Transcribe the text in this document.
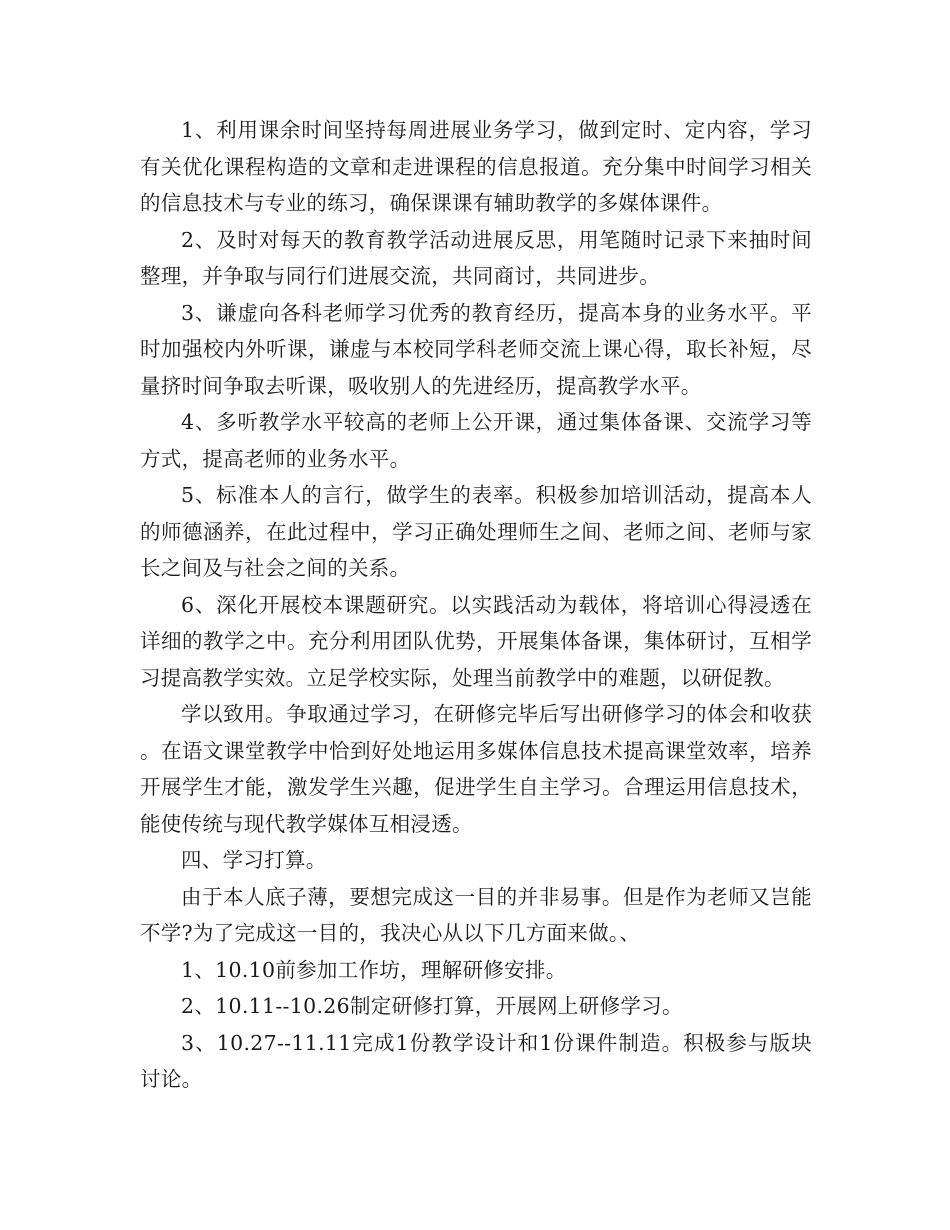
1、利用课余时间坚持每周进展业务学习，做到定时、定内容，学习有关优化课程构造的文章和走进课程的信息报道。充分集中时间学习相关的信息技术与专业的练习，确保课课有辅助教学的多媒体课件。

2、及时对每天的教育教学活动进展反思，用笔随时记录下来抽时间整理，并争取与同行们进展交流，共同商讨，共同进步。

3、谦虚向各科老师学习优秀的教育经历，提高本身的业务水平。平时加强校内外听课，谦虚与本校同学科老师交流上课心得，取长补短，尽量挤时间争取去听课，吸收别人的先进经历，提高教学水平。

4、多听教学水平较高的老师上公开课，通过集体备课、交流学习等方式，提高老师的业务水平。

5、标准本人的言行，做学生的表率。积极参加培训活动，提高本人的师德涵养，在此过程中，学习正确处理师生之间、老师之间、老师与家长之间及与社会之间的关系。

6、深化开展校本课题研究。以实践活动为载体，将培训心得浸透在详细的教学之中。充分利用团队优势，开展集体备课，集体研讨，互相学习提高教学实效。立足学校实际，处理当前教学中的难题，以研促教。

学以致用。争取通过学习，在研修完毕后写出研修学习的体会和收获。在语文课堂教学中恰到好处地运用多媒体信息技术提高课堂效率，培养开展学生才能，激发学生兴趣，促进学生自主学习。合理运用信息技术，能使传统与现代教学媒体互相浸透。

四、学习打算。

由于本人底子薄，要想完成这一目的并非易事。但是作为老师又岂能不学?为了完成这一目的，我决心从以下几方面来做。、

1、10.10前参加工作坊，理解研修安排。

2、10.11--10.26制定研修打算，开展网上研修学习。

3、10.27--11.11完成1份教学设计和1份课件制造。积极参与版块讨论。
